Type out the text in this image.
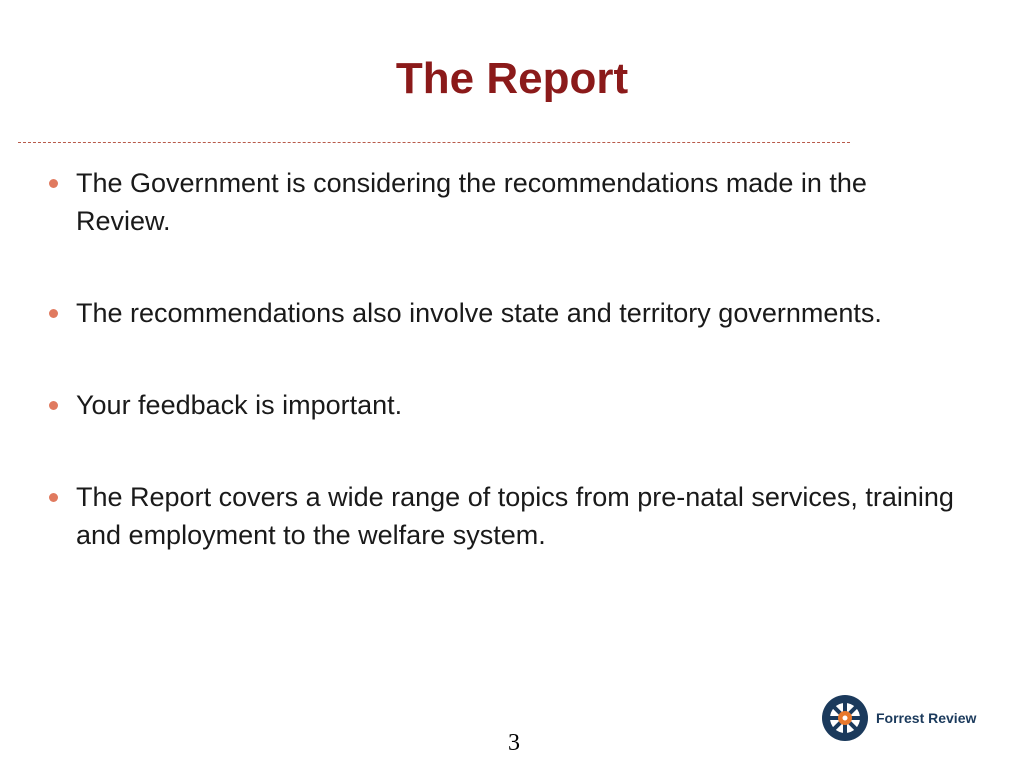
The Report
The Government is considering the recommendations made in the Review.
The recommendations also involve state and territory governments.
Your feedback is important.
The Report covers a wide range of topics from pre-natal services, training and employment to the welfare system.
3
Forrest Review
